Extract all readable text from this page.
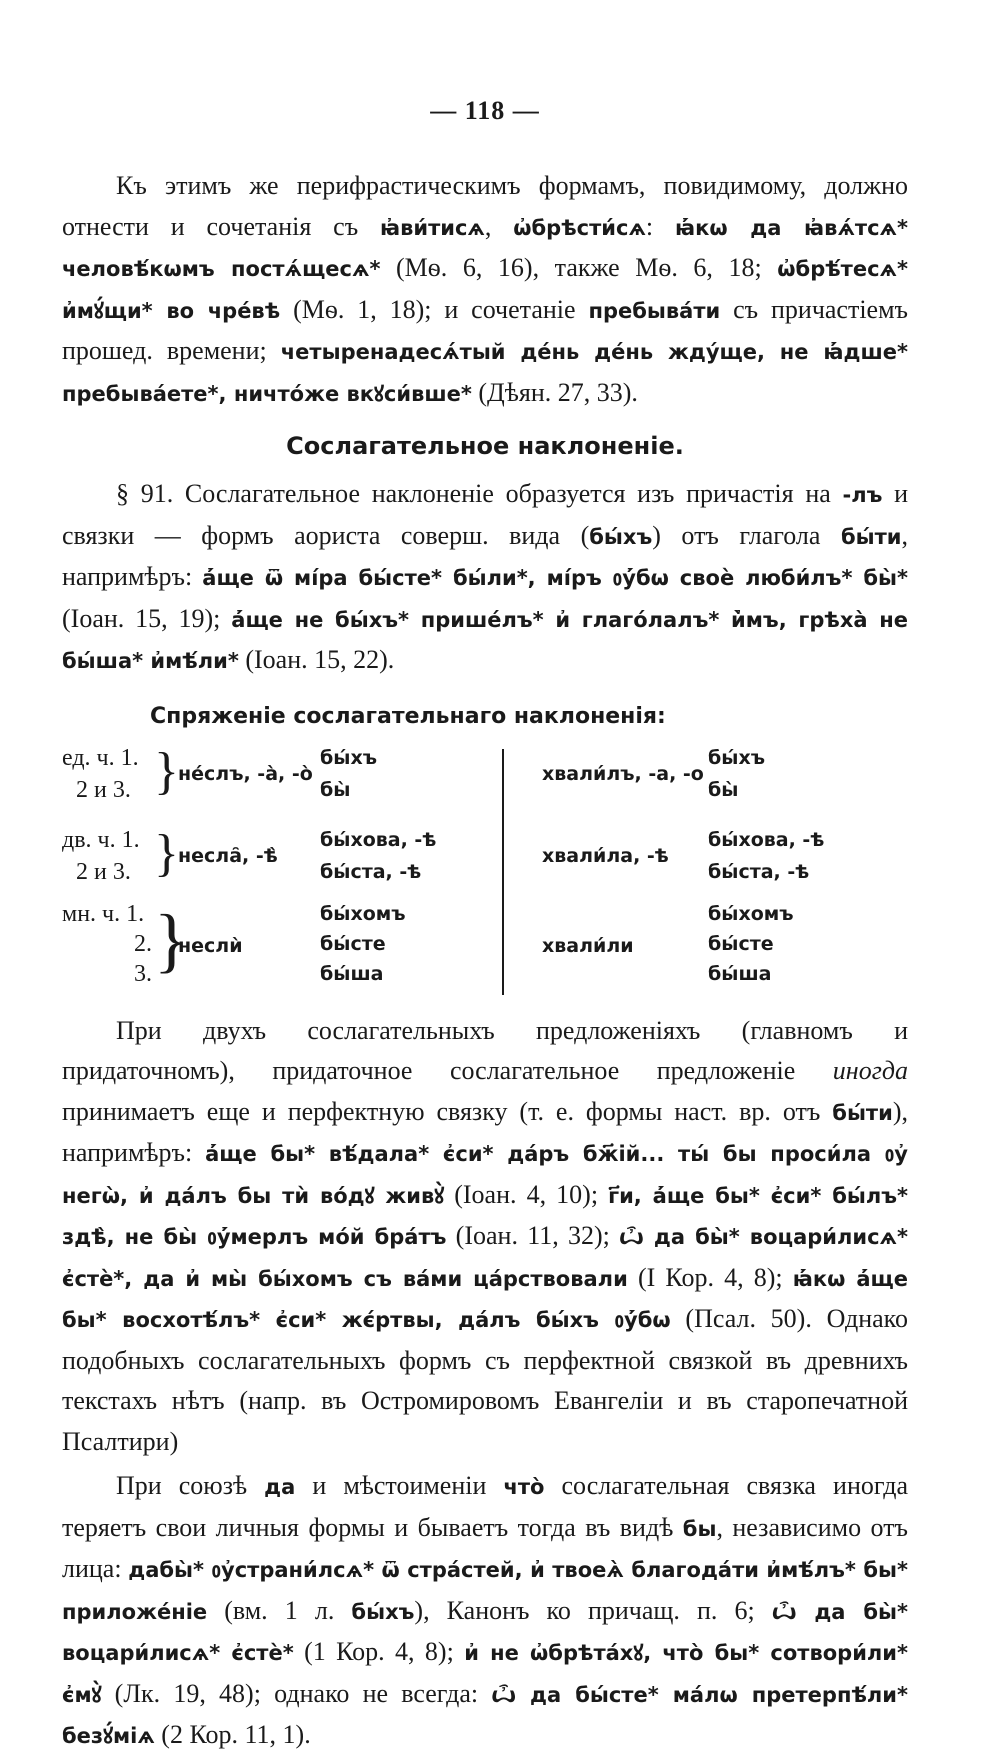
— 118 —

Къ этимъ же перифрастическимъ формамъ, повидимому, должно отнести и сочетанія съ ꙗ҆ви́тисѧ, ѡ҆брѣсти́сѧ: ꙗ҆́кѡ да ꙗ҆вѧ́тсѧ* человѣ́кѡмъ постѧ́щесѧ* (Мѳ. 6, 16), также Мѳ. 6, 18; ѡ҆брѣ́тесѧ* и҆мꙋ́щи* во чре́вѣ (Мѳ. 1, 18); и сочетаніе пребыва́ти съ причастіемъ прошед. времени; четыренадесѧ́тый де́нь де́нь жду́ще, не ꙗ҆́дше* пребыва́ете*, ничто́же вкꙋси́вше* (Дѣян. 27, 33).

Сослагательное наклоненіе.

§ 91. Сослагательное наклоненіе образуется изъ причастія на -лъ и связки — формъ аориста соверш. вида (бы́хъ) отъ глагола бы́ти, напримѣръ: а҆́ще ѿ мі́ра бы́сте* бы́ли*, мі́ръ ᲂу҆́бѡ своѐ люби́лъ* бы̀* (Іоан. 15, 19); а҆́ще не бы́хъ* прише́лъ* и҆ глаго́лалъ* и҆̀мъ, грѣха̀ не бы́ша* и҆мѣ́ли* (Іоан. 15, 22).

Спряженіе сослагательнаго наклоненія:
ед. ч. 1.
2 и 3. } не́слъ, -а̀, -о̀
бы́хъ
бы̀
дв. ч. 1.
2 и 3. } несла̑, -ѣ̀
бы́хова, -ѣ
бы́ста, -ѣ
мн. ч. 1.
2.
3. }
неслѝ
бы́хомъ
бы́сте
бы́ша
хвали́лъ, -а, -о
бы́хъ
бы̀
хвали́ла, -ѣ
бы́хова, -ѣ
бы́ста, -ѣ
хвали́ли
бы́хомъ
бы́сте
бы́ша

При двухъ сослагательныхъ предложеніяхъ (главномъ и придаточномъ), придаточное сослагательное предложеніе иногда принимаетъ еще и перфектную связку (т. е. формы наст. вр. отъ бы́ти), напримѣръ: а҆́ще бы* вѣ́дала* є҆си* да́ръ бж҃ій... ты́ бы проси́ла ᲂу҆ негѡ̀, и҆ да́лъ бы тѝ во́дꙋ живꙋ̀ (Іоан. 4, 10); г҃и, а҆́ще бы* є҆си* бы́лъ* здѣ̀, не бы̀ ᲂу҆́мерлъ мо́й бра́тъ (Іоан. 11, 32); ѽ да бы̀* воцари́лисѧ* є҆стѐ*, да и҆ мы̀ бы́хомъ съ ва́ми ца́рствовали (I Кор. 4, 8); ꙗ҆́кѡ а҆́ще бы* восхотѣ́лъ* є҆си* жє́ртвы, да́лъ бы́хъ ᲂу҆́бѡ (Псал. 50). Однако подобныхъ сослагательныхъ формъ съ перфектной связкой въ древнихъ текстахъ нѣтъ (напр. въ Остромировомъ Евангеліи и въ старопечатной Псалтири)

При союзѣ да и мѣстоименіи что̀ сослагательная связка иногда теряетъ свои личныя формы и бываетъ тогда въ видѣ бы, независимо отъ лица: дабы̀* ᲂу҆страни́лсѧ* ѿ стра́стей, и҆ твоеѧ̀ благода́ти и҆мѣ́лъ* бы* приложе́ніе (вм. 1 л. бы́хъ), Канонъ ко причащ. п. 6; ѽ да бы̀* воцари́лисѧ* є҆стѐ* (1 Кор. 4, 8); и҆ не ѡ҆брѣта́хꙋ, что̀ бы* сотвори́ли* є҆мꙋ̀ (Лк. 19, 48); однако не всегда: ѽ да бы́сте* ма́лѡ претерпѣ́ли* безꙋ́міѧ (2 Кор. 11, 1).
